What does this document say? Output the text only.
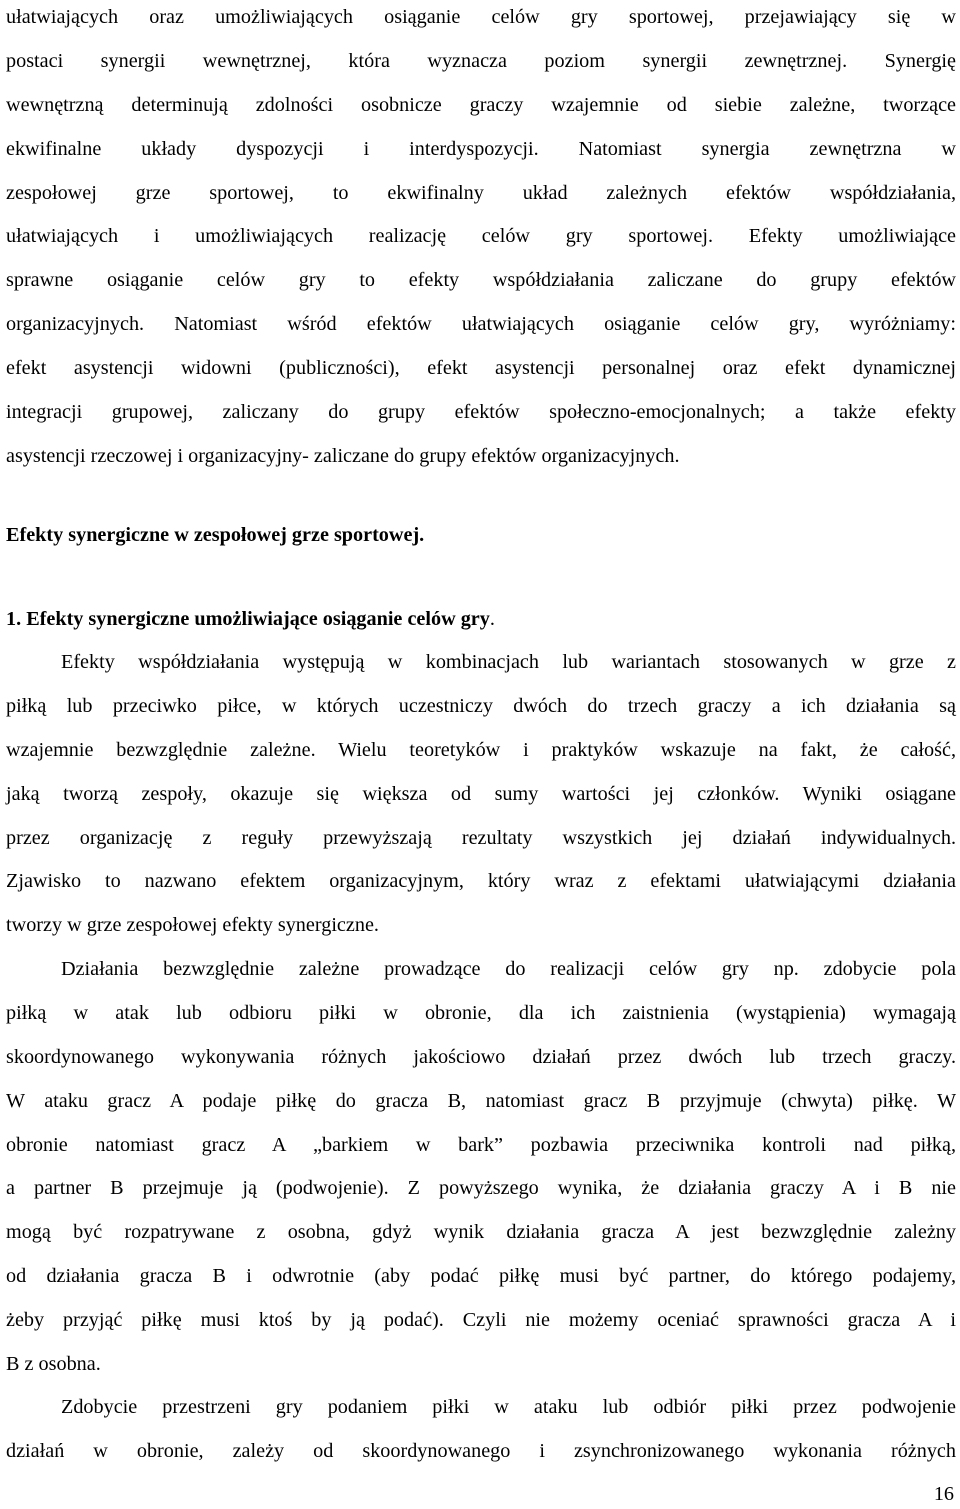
ułatwiających oraz umożliwiających osiąganie celów gry sportowej, przejawiający się w
postaci synergii wewnętrznej, która wyznacza poziom synergii zewnętrznej. Synergię
wewnętrzną determinują zdolności osobnicze graczy wzajemnie od siebie zależne, tworzące
ekwifinalne układy dyspozycji i interdyspozycji. Natomiast synergia zewnętrzna w
zespołowej grze sportowej, to ekwifinalny układ zależnych efektów współdziałania,
ułatwiających i umożliwiających realizację celów gry sportowej. Efekty umożliwiające
sprawne osiąganie celów gry to efekty współdziałania zaliczane do grupy efektów
organizacyjnych. Natomiast wśród efektów ułatwiających osiąganie celów gry, wyróżniamy:
efekt asystencji widowni (publiczności), efekt asystencji personalnej oraz efekt dynamicznej
integracji grupowej, zaliczany do grupy efektów społeczno-emocjonalnych; a także efekty
asystencji rzeczowej i organizacyjny- zaliczane do grupy efektów organizacyjnych.
Efekty synergiczne w zespołowej grze sportowej.
1. Efekty synergiczne umożliwiające osiąganie celów gry.
Efekty współdziałania występują w kombinacjach lub wariantach stosowanych w grze z
piłką lub przeciwko piłce, w których uczestniczy dwóch do trzech graczy a ich działania są
wzajemnie bezwzględnie zależne. Wielu teoretyków i praktyków wskazuje na fakt, że całość,
jaką tworzą zespoły, okazuje się większa od sumy wartości jej członków. Wyniki osiągane
przez organizację z reguły przewyższają rezultaty wszystkich jej działań indywidualnych.
Zjawisko to nazwano efektem organizacyjnym, który wraz z efektami ułatwiającymi działania
tworzy w grze zespołowej efekty synergiczne.
Działania bezwzględnie zależne prowadzące do realizacji celów gry np. zdobycie pola
piłką w atak lub odbioru piłki w obronie, dla ich zaistnienia (wystąpienia) wymagają
skoordynowanego wykonywania różnych jakościowo działań przez dwóch lub trzech graczy.
W ataku gracz A podaje piłkę do gracza B, natomiast gracz B przyjmuje (chwyta) piłkę. W
obronie natomiast gracz A „barkiem w bark” pozbawia przeciwnika kontroli nad piłką,
a partner B przejmuje ją (podwojenie). Z powyższego wynika, że działania graczy A i B nie
mogą być rozpatrywane z osobna, gdyż wynik działania gracza A jest bezwzględnie zależny
od działania gracza B i odwrotnie (aby podać piłkę musi być partner, do którego podajemy,
żeby przyjąć piłkę musi ktoś by ją podać). Czyli nie możemy oceniać sprawności gracza A i
B z osobna.
Zdobycie przestrzeni gry podaniem piłki w ataku lub odbiór piłki przez podwojenie
działań w obronie, zależy od skoordynowanego i zsynchronizowanego wykonania różnych
16
